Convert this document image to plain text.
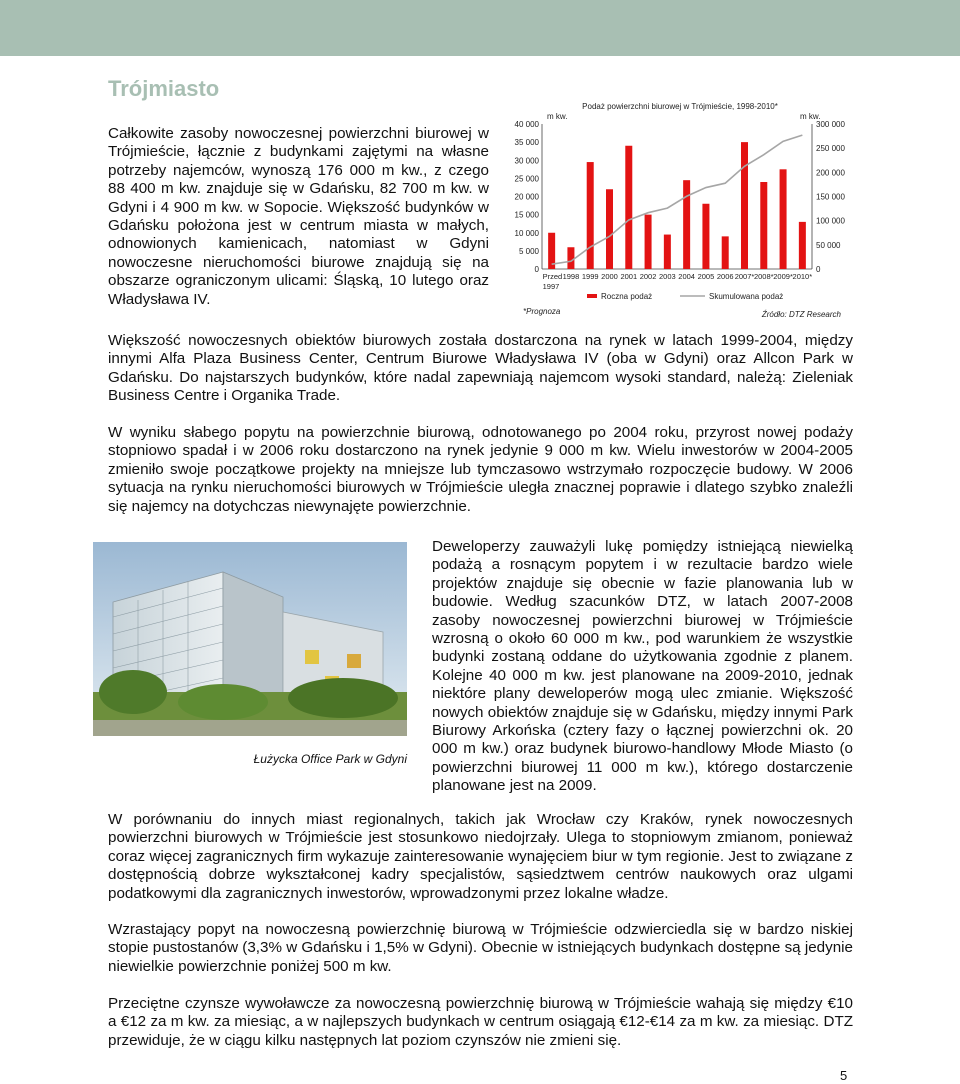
Trójmiasto

Całkowite zasoby nowoczesnej powierzchni biurowej w Trójmieście, łącznie z budynkami zajętymi na własne potrzeby najemców, wynoszą 176 000 m kw., z czego 88 400 m kw. znajduje się w Gdańsku, 82 700 m kw. w Gdyni i 4 900 m kw. w Sopocie. Większość budynków w Gdańsku położona jest w centrum miasta w małych, odnowionych kamienicach, natomiast w Gdyni nowoczesne nieruchomości biurowe znajdują się na obszarze ograniczonym ulicami: Śląską, 10 lutego oraz Władysława IV.

Podaż powierzchni biurowej w Trójmieście, 1998-2010*
m kw.	m kw.
0
5 000
10 000
15 000
20 000
25 000
30 000
35 000
40 000
0
50 000
100 000
150 000
200 000
250 000
300 000
Przed
1997
1998 1999 2000 2001 2002 2003 2004 2005 2006 2007* 2008* 2009* 2010*
Roczna podaż	Skumulowana podaż
*Prognoza	Źródło: DTZ Research

Większość nowoczesnych obiektów biurowych została dostarczona na rynek w latach 1999-2004, między innymi Alfa Plaza Business Center, Centrum Biurowe Władysława IV (oba w Gdyni) oraz Allcon Park w Gdańsku. Do najstarszych budynków, które nadal zapewniają najemcom wysoki standard, należą: Zieleniak Business Centre i Organika Trade.

W wyniku słabego popytu na powierzchnie biurową, odnotowanego po 2004 roku, przyrost nowej podaży stopniowo spadał i w 2006 roku dostarczono na rynek jedynie 9 000 m kw. Wielu inwestorów w 2004-2005 zmieniło swoje początkowe projekty na mniejsze lub tymczasowo wstrzymało rozpoczęcie budowy. W 2006 sytuacja na rynku nieruchomości biurowych w Trójmieście uległa znacznej poprawie i dlatego szybko znaleźli się najemcy na dotychczas niewynajęte powierzchnie.

Łużycka Office Park w Gdyni

Deweloperzy zauważyli lukę pomiędzy istniejącą niewielką podażą a rosnącym popytem i w rezultacie bardzo wiele projektów znajduje się obecnie w fazie planowania lub w budowie. Według szacunków DTZ, w latach 2007-2008 zasoby nowoczesnej powierzchni biurowej w Trójmieście wzrosną o około 60 000 m kw., pod warunkiem że wszystkie budynki zostaną oddane do użytkowania zgodnie z planem. Kolejne 40 000 m kw. jest planowane na 2009-2010, jednak niektóre plany deweloperów mogą ulec zmianie. Większość nowych obiektów znajduje się w Gdańsku, między innymi Park Biurowy Arkońska (cztery fazy o łącznej powierzchni ok. 20 000 m kw.) oraz budynek biurowo-handlowy Młode Miasto (o powierzchni biurowej 11 000 m kw.), którego dostarczenie planowane jest na 2009.

W porównaniu do innych miast regionalnych, takich jak Wrocław czy Kraków, rynek nowoczesnych powierzchni biurowych w Trójmieście jest stosunkowo niedojrzały. Ulega to stopniowym zmianom, ponieważ coraz więcej zagranicznych firm wykazuje zainteresowanie wynajęciem biur w tym regionie. Jest to związane z dostępnością dobrze wykształconej kadry specjalistów, sąsiedztwem centrów naukowych oraz ulgami podatkowymi dla zagranicznych inwestorów, wprowadzonymi przez lokalne władze.

Wzrastający popyt na nowoczesną powierzchnię biurową w Trójmieście odzwierciedla się w bardzo niskiej stopie pustostanów (3,3% w Gdańsku i 1,5% w Gdyni). Obecnie w istniejących budynkach dostępne są jedynie niewielkie powierzchnie poniżej 500 m kw.

Przeciętne czynsze wywoławcze za nowoczesną powierzchnię biurową w Trójmieście wahają się między €10 a €12 za m kw. za miesiąc, a w najlepszych budynkach w centrum osiągają €12-€14 za m kw. za miesiąc. DTZ przewiduje, że w ciągu kilku następnych lat poziom czynszów nie zmieni się.

5
